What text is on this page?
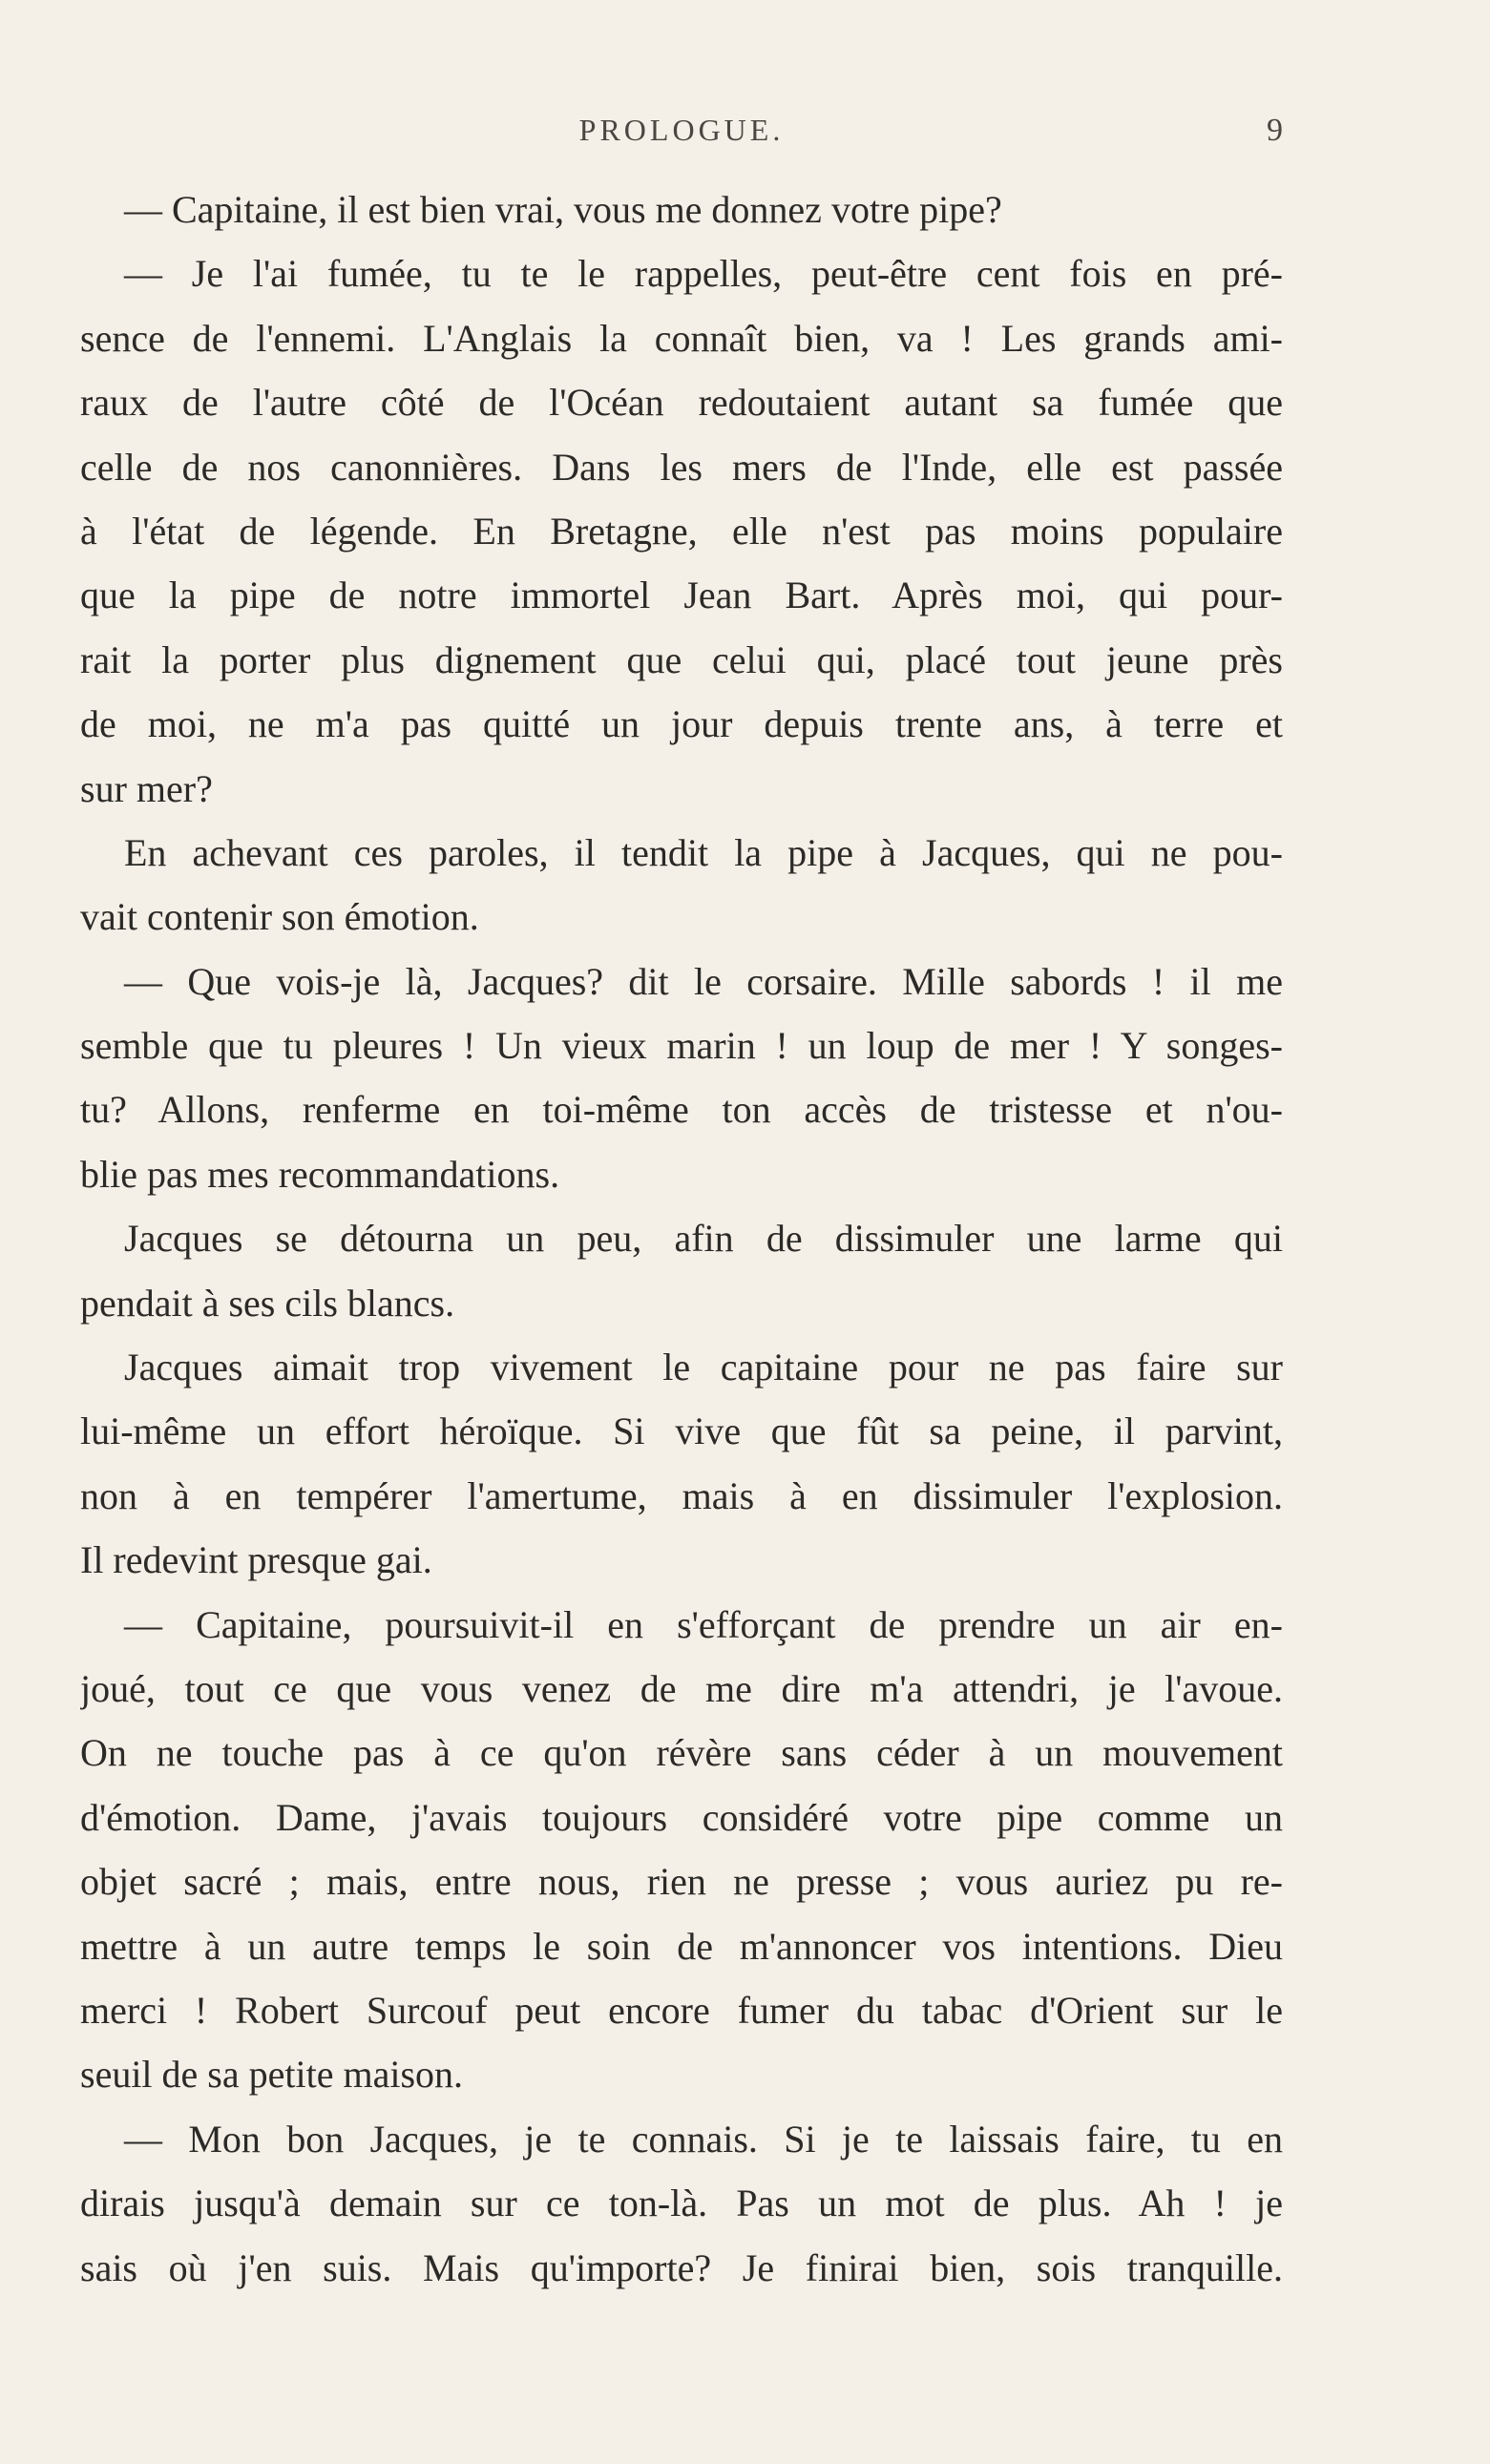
PROLOGUE.	9
— Capitaine, il est bien vrai, vous me donnez votre pipe?
— Je l'ai fumée, tu te le rappelles, peut-être cent fois en pré-
sence de l'ennemi. L'Anglais la connaît bien, va ! Les grands ami-
raux de l'autre côté de l'Océan redoutaient autant sa fumée que
celle de nos canonnières. Dans les mers de l'Inde, elle est passée
à l'état de légende. En Bretagne, elle n'est pas moins populaire
que la pipe de notre immortel Jean Bart. Après moi, qui pour-
rait la porter plus dignement que celui qui, placé tout jeune près
de moi, ne m'a pas quitté un jour depuis trente ans, à terre et
sur mer?
En achevant ces paroles, il tendit la pipe à Jacques, qui ne pou-
vait contenir son émotion.
— Que vois-je là, Jacques? dit le corsaire. Mille sabords ! il me
semble que tu pleures ! Un vieux marin ! un loup de mer ! Y songes-
tu? Allons, renferme en toi-même ton accès de tristesse et n'ou-
blie pas mes recommandations.
Jacques se détourna un peu, afin de dissimuler une larme qui
pendait à ses cils blancs.
Jacques aimait trop vivement le capitaine pour ne pas faire sur
lui-même un effort héroïque. Si vive que fût sa peine, il parvint,
non à en tempérer l'amertume, mais à en dissimuler l'explosion.
Il redevint presque gai.
— Capitaine, poursuivit-il en s'efforçant de prendre un air en-
joué, tout ce que vous venez de me dire m'a attendri, je l'avoue.
On ne touche pas à ce qu'on révère sans céder à un mouvement
d'émotion. Dame, j'avais toujours considéré votre pipe comme un
objet sacré ; mais, entre nous, rien ne presse ; vous auriez pu re-
mettre à un autre temps le soin de m'annoncer vos intentions. Dieu
merci ! Robert Surcouf peut encore fumer du tabac d'Orient sur le
seuil de sa petite maison.
— Mon bon Jacques, je te connais. Si je te laissais faire, tu en
dirais jusqu'à demain sur ce ton-là. Pas un mot de plus. Ah ! je
sais où j'en suis. Mais qu'importe? Je finirai bien, sois tranquille.
